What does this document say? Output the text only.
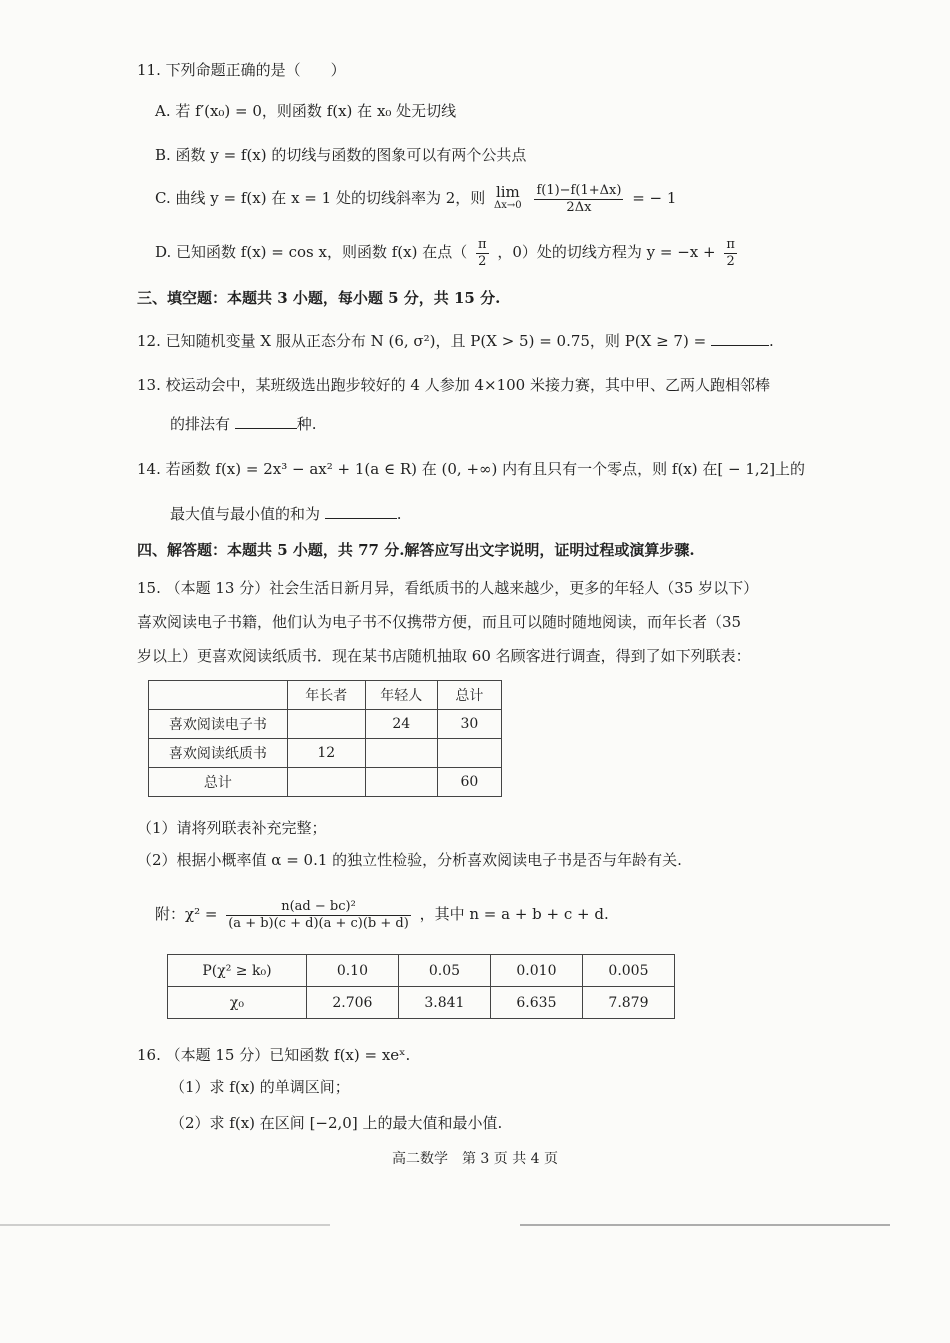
11. 下列命题正确的是（　　）
A. 若 f′(x₀) = 0，则函数 f(x) 在 x₀ 处无切线
B. 函数 y = f(x) 的切线与函数的图象可以有两个公共点
C. 曲线 y = f(x) 在 x = 1 处的切线斜率为 2，则 lim
Δx→0
$\frac{f(1)-f(1+\Delta x)}{2\Delta x}$ = − 1
D. 已知函数 f(x) = cos x，则函数 f(x) 在点（ $\frac{\pi}{2}$ ，0）处的切线方程为 $y = -x + \frac{\pi}{2}$
三、填空题：本题共 3 小题，每小题 5 分，共 15 分.
12. 已知随机变量 X 服从正态分布 N (6, σ²)，且 P(X > 5) = 0.75，则 P(X ≥ 7) =	.
13. 校运动会中，某班级选出跑步较好的 4 人参加 4×100 米接力赛，其中甲、乙两人跑相邻棒
的排法有	种.
14. 若函数 f(x) = 2x³ − ax² + 1(a ∈ R) 在 (0, +∞) 内有且只有一个零点，则 f(x) 在[ − 1,2]上的
最大值与最小值的和为	.
四、解答题：本题共 5 小题，共 77 分.解答应写出文字说明，证明过程或演算步骤.
15. （本题 13 分）社会生活日新月异，看纸质书的人越来越少，更多的年轻人（35 岁以下）
喜欢阅读电子书籍，他们认为电子书不仅携带方便，而且可以随时随地阅读，而年长者（35
岁以上）更喜欢阅读纸质书．现在某书店随机抽取 60 名顾客进行调查，得到了如下列联表：
	年长者	年轻人	总计
喜欢阅读电子书		24	30
喜欢阅读纸质书	12		
总计			60
（1）请将列联表补充完整；
（2）根据小概率值 α = 0.1 的独立性检验，分析喜欢阅读电子书是否与年龄有关.
附：$\chi^2 = \frac{\text{n(ad − bc)²}}{(a + b)(c + d)(a + c)(b + d)}$ ，其中 n = a + b + c + d.
P(χ² ≥ k₀)	0.10	0.05	0.010	0.005
χ₀	2.706	3.841	6.635	7.879
16. （本题 15 分）已知函数 f(x) = xeˣ.
（1）求 f(x) 的单调区间；
（2）求 f(x) 在区间 [−2,0] 上的最大值和最小值.
高二数学　第 3 页 共 4 页
